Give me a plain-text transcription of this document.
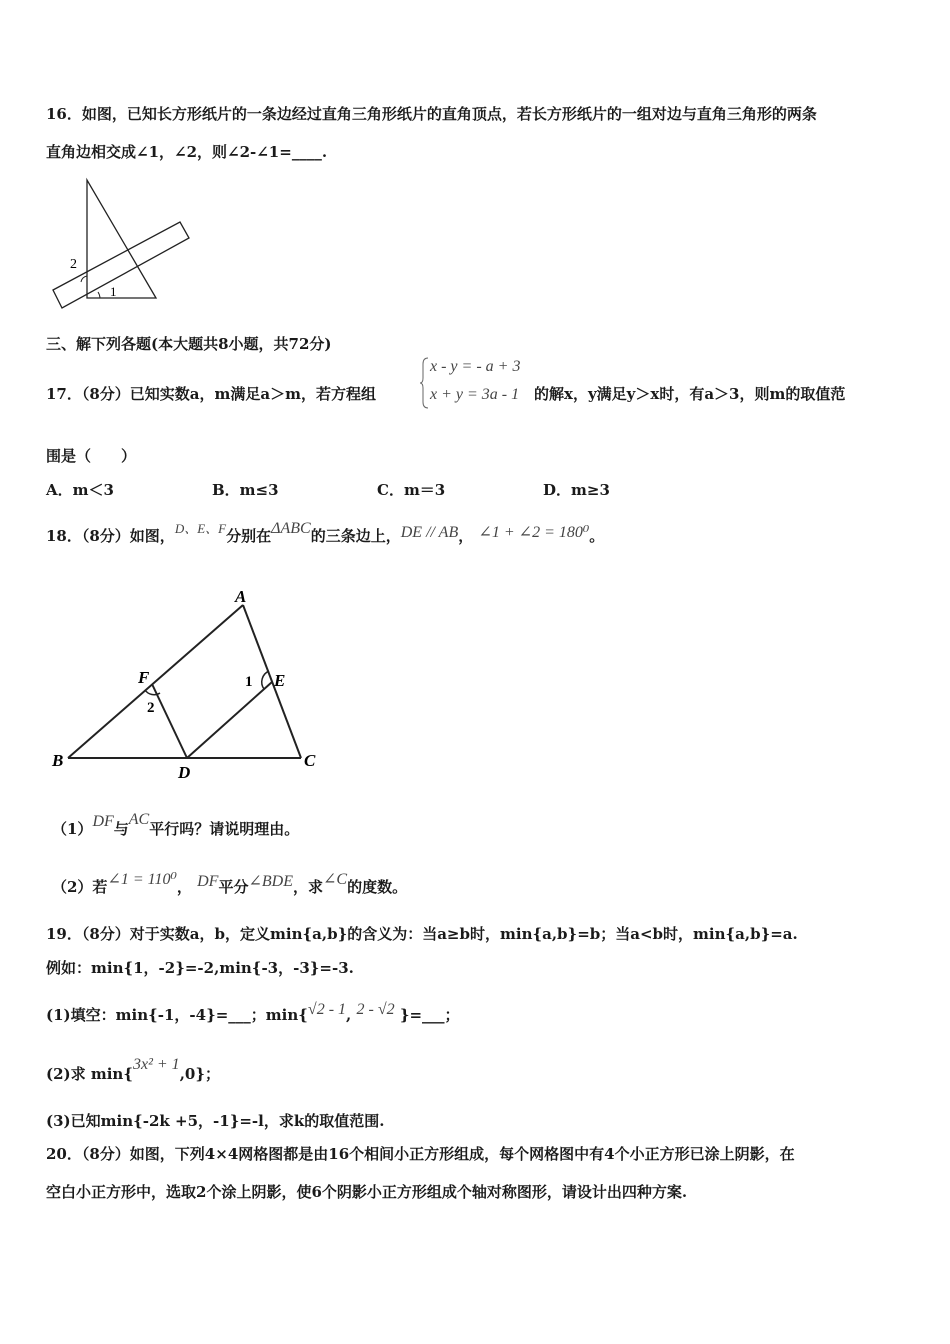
16．如图，已知长方形纸片的一条边经过直角三角形纸片的直角顶点，若长方形纸片的一组对边与直角三角形的两条
直角边相交成∠1，∠2，则∠2-∠1=____.
2
1
三、解下列各题(本大题共8小题，共72分)
17．（8分）已知实数a，m满足a＞m，若方程组
x - y = - a + 3
x + y = 3a - 1 的解x，y满足y＞x时，有a＞3，则m的取值范
围是（　　）
A．m＜3	B．m≤3	C．m＝3	D．m≥3
18．（8分）如图，D、E、F分别在ΔABC的三条边上，DE // AB， ∠1 + ∠2 = 180⁰。
A
B	C
D
E
F	1
2
（1）DF与AC平行吗？请说明理由。
（2）若∠1 = 110⁰， DF平分∠BDE，求∠C的度数。
19．（8分）对于实数a，b，定义min{a,b}的含义为：当a≥b时，min{a,b}=b；当a<b时，min{a,b}=a.
例如：min{1，-2}=-2,min{-3，-3}=-3.
(1)填空：min{-1，-4}=___；min{√2 - 1, 2 - √2 }=___；
(2)求 min{3x² + 1,0}；
(3)已知min{-2k +5，-1}=-l，求k的取值范围.
20．（8分）如图，下列4×4网格图都是由16个相间小正方形组成，每个网格图中有4个小正方形已涂上阴影，在
空白小正方形中，选取2个涂上阴影，使6个阴影小正方形组成个轴对称图形，请设计出四种方案.
